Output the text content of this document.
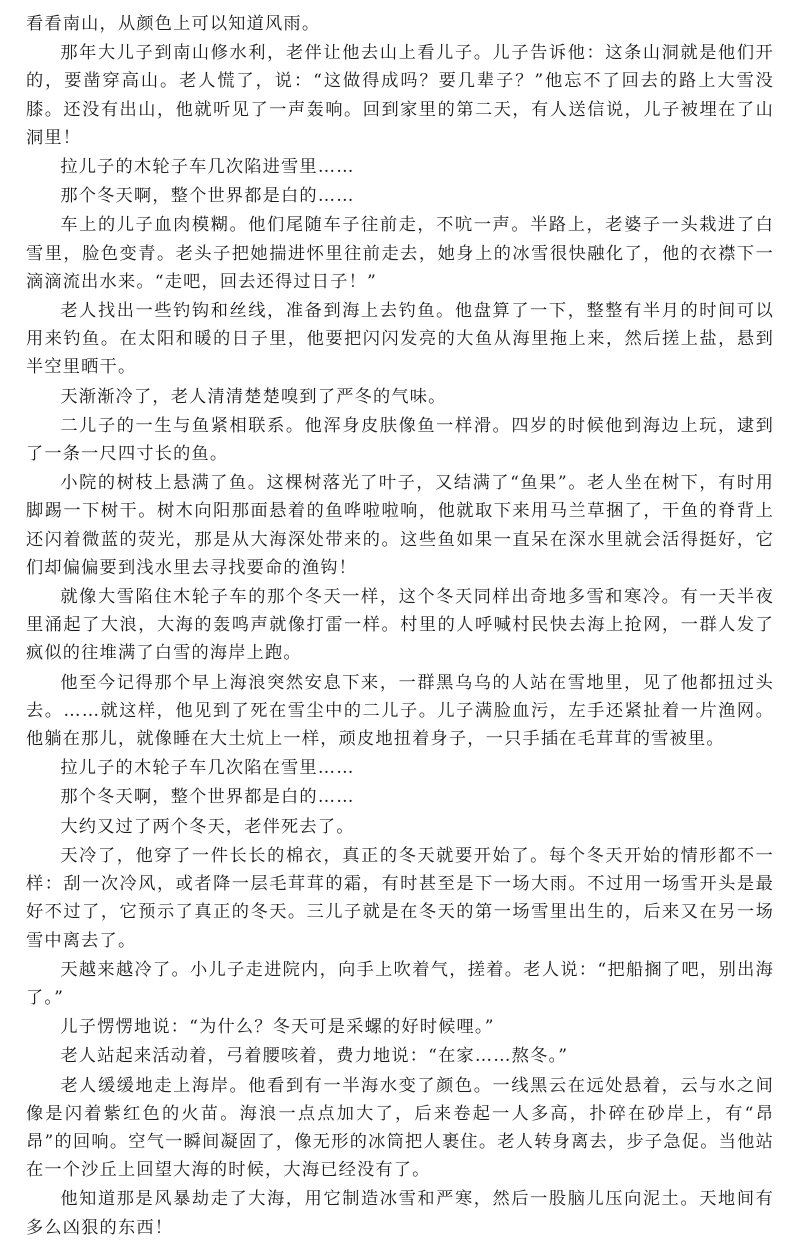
看看南山，从颜色上可以知道风雨。

那年大儿子到南山修水利，老伴让他去山上看儿子。儿子告诉他：这条山洞就是他们开的，要凿穿高山。老人慌了，说：“这做得成吗？要几辈子？”他忘不了回去的路上大雪没膝。还没有出山，他就听见了一声轰响。回到家里的第二天，有人送信说，儿子被埋在了山洞里！

拉儿子的木轮子车几次陷进雪里……

那个冬天啊，整个世界都是白的……

车上的儿子血肉模糊。他们尾随车子往前走，不吭一声。半路上，老婆子一头栽进了白雪里，脸色变青。老头子把她揣进怀里往前走去，她身上的冰雪很快融化了，他的衣襟下一滴滴流出水来。“走吧，回去还得过日子！”

老人找出一些钓钩和丝线，准备到海上去钓鱼。他盘算了一下，整整有半月的时间可以用来钓鱼。在太阳和暖的日子里，他要把闪闪发亮的大鱼从海里拖上来，然后搓上盐，悬到半空里晒干。

天渐渐冷了，老人清清楚楚嗅到了严冬的气味。

二儿子的一生与鱼紧相联系。他浑身皮肤像鱼一样滑。四岁的时候他到海边上玩，逮到了一条一尺四寸长的鱼。

小院的树枝上悬满了鱼。这棵树落光了叶子，又结满了“鱼果”。老人坐在树下，有时用脚踢一下树干。树木向阳那面悬着的鱼哗啦啦响，他就取下来用马兰草捆了，干鱼的脊背上还闪着微蓝的荧光，那是从大海深处带来的。这些鱼如果一直呆在深水里就会活得挺好，它们却偏偏要到浅水里去寻找要命的渔钩！

就像大雪陷住木轮子车的那个冬天一样，这个冬天同样出奇地多雪和寒冷。有一天半夜里涌起了大浪，大海的轰鸣声就像打雷一样。村里的人呼喊村民快去海上抢网，一群人发了疯似的往堆满了白雪的海岸上跑。

他至今记得那个早上海浪突然安息下来，一群黑乌乌的人站在雪地里，见了他都扭过头去。……就这样，他见到了死在雪尘中的二儿子。儿子满脸血污，左手还紧扯着一片渔网。他躺在那儿，就像睡在大土炕上一样，顽皮地扭着身子，一只手插在毛茸茸的雪被里。

拉儿子的木轮子车几次陷在雪里……

那个冬天啊，整个世界都是白的……

大约又过了两个冬天，老伴死去了。

天冷了，他穿了一件长长的棉衣，真正的冬天就要开始了。每个冬天开始的情形都不一样：刮一次冷风，或者降一层毛茸茸的霜，有时甚至是下一场大雨。不过用一场雪开头是最好不过了，它预示了真正的冬天。三儿子就是在冬天的第一场雪里出生的，后来又在另一场雪中离去了。

天越来越冷了。小儿子走进院内，向手上吹着气，搓着。老人说：“把船搁了吧，别出海了。”

儿子愣愣地说：“为什么？冬天可是采螺的好时候哩。”

老人站起来活动着，弓着腰咳着，费力地说：“在家……熬冬。”

老人缓缓地走上海岸。他看到有一半海水变了颜色。一线黑云在远处悬着，云与水之间像是闪着紫红色的火苗。海浪一点点加大了，后来卷起一人多高，扑碎在砂岸上，有“昂昂”的回响。空气一瞬间凝固了，像无形的冰筒把人裹住。老人转身离去，步子急促。当他站在一个沙丘上回望大海的时候，大海已经没有了。

他知道那是风暴劫走了大海，用它制造冰雪和严寒，然后一股脑儿压向泥土。天地间有多么凶狠的东西！
